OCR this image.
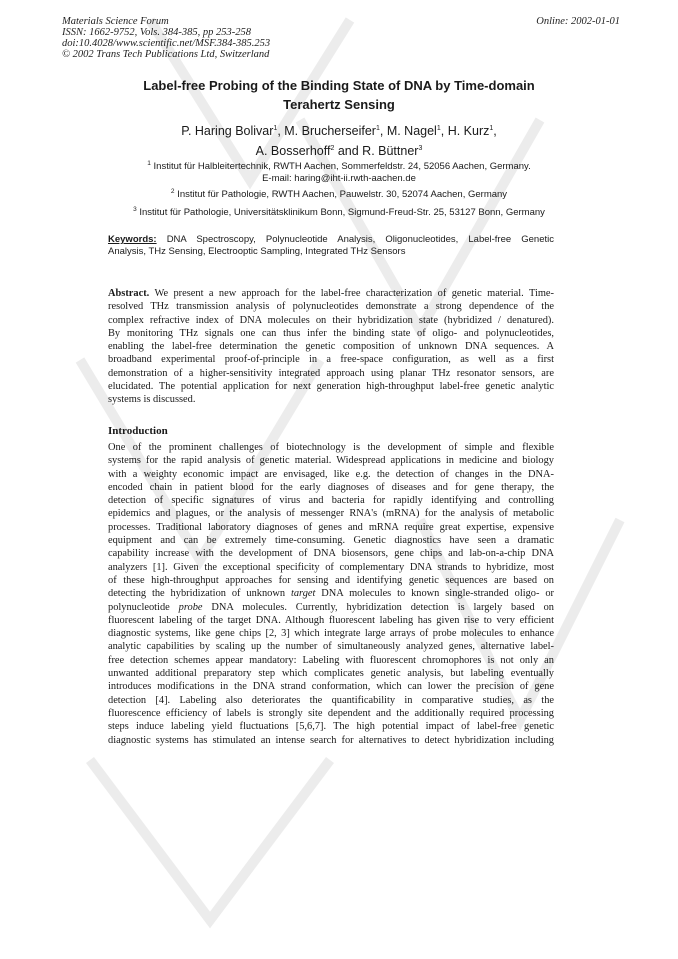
Materials Science Forum
ISSN: 1662-9752, Vols. 384-385, pp 253-258
doi:10.4028/www.scientific.net/MSF.384-385.253
© 2002 Trans Tech Publications Ltd, Switzerland
Online: 2002-01-01
Label-free Probing of the Binding State of DNA by Time-domain
Terahertz Sensing
P. Haring Bolivar$^1$, M. Brucherseifer$^1$, M. Nagel$^1$, H. Kurz$^1$,
A. Bosserhoff$^2$ and R. Büttner$^3$
$^1$ Institut für Halbleitertechnik, RWTH Aachen, Sommerfeldstr. 24, 52056 Aachen, Germany.
E-mail: haring@iht-ii.rwth-aachen.de
$^2$ Institut für Pathologie, RWTH Aachen, Pauwelstr. 30, 52074 Aachen, Germany
$^3$ Institut für Pathologie, Universitätsklinikum Bonn, Sigmund-Freud-Str. 25, 53127 Bonn, Germany
Keywords: DNA Spectroscopy, Polynucleotide Analysis, Oligonucleotides, Label-free Genetic
Analysis, THz Sensing, Electrooptic Sampling, Integrated THz Sensors
Abstract. We present a new approach for the label-free characterization of genetic material. Time-
resolved THz transmission analysis of polynucleotides demonstrate a strong dependence of the
complex refractive index of DNA molecules on their hybridization state (hybridized / denatured).
By monitoring THz signals one can thus infer the binding state of oligo- and polynucleotides,
enabling the label-free determination the genetic composition of unknown DNA sequences. A
broadband experimental proof-of-principle in a free-space configuration, as well as a first
demonstration of a higher-sensitivity integrated approach using planar THz resonator sensors, are
elucidated. The potential application for next generation high-throughput label-free genetic analytic
systems is discussed.
Introduction
One of the prominent challenges of biotechnology is the development of simple and flexible
systems for the rapid analysis of genetic material. Widespread applications in medicine and biology
with a weighty economic impact are envisaged, like e.g. the detection of changes in the DNA-
encoded chain in patient blood for the early diagnoses of diseases and for gene therapy, the
detection of specific signatures of virus and bacteria for rapidly identifying and controlling
epidemics and plagues, or the analysis of messenger RNA's (mRNA) for the analysis of metabolic
processes. Traditional laboratory diagnoses of genes and mRNA require great expertise, expensive
equipment and can be extremely time-consuming. Genetic diagnostics have seen a dramatic
capability increase with the development of DNA biosensors, gene chips and lab-on-a-chip DNA
analyzers [1]. Given the exceptional specificity of complementary DNA strands to hybridize, most
of these high-throughput approaches for sensing and identifying genetic sequences are based on
detecting the hybridization of unknown target DNA molecules to known single-stranded oligo- or
polynucleotide probe DNA molecules. Currently, hybridization detection is largely based on
fluorescent labeling of the target DNA. Although fluorescent labeling has given rise to very efficient
diagnostic systems, like gene chips [2, 3] which integrate large arrays of probe molecules to enhance
analytic capabilities by scaling up the number of simultaneously analyzed genes, alternative label-
free detection schemes appear mandatory: Labeling with fluorescent chromophores is not only an
unwanted additional preparatory step which complicates genetic analysis, but labeling eventually
introduces modifications in the DNA strand conformation, which can lower the precision of gene
detection [4]. Labeling also deteriorates the quantificability in comparative studies, as the
fluorescence efficiency of labels is strongly site dependent and the additionally required processing
steps induce labeling yield fluctuations [5,6,7]. The high potential impact of label-free genetic
diagnostic systems has stimulated an intense search for alternatives to detect hybridization including
